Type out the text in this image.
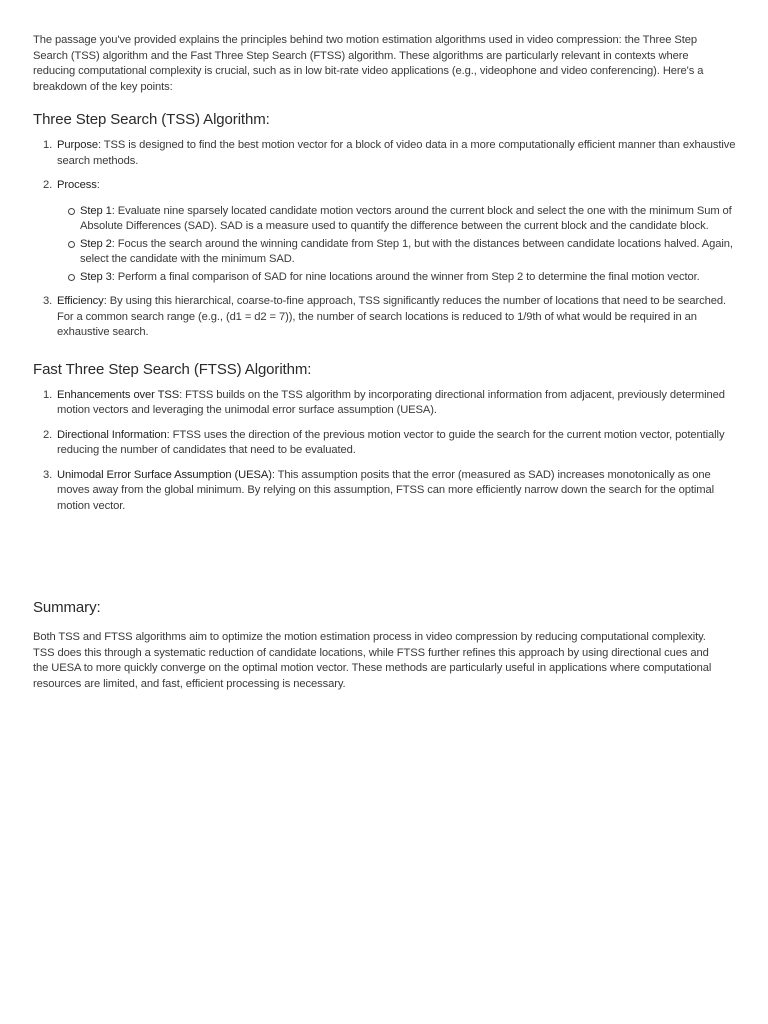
The passage you've provided explains the principles behind two motion estimation algorithms used in video compression: the Three Step Search (TSS) algorithm and the Fast Three Step Search (FTSS) algorithm. These algorithms are particularly relevant in contexts where reducing computational complexity is crucial, such as in low bit-rate video applications (e.g., videophone and video conferencing). Here's a breakdown of the key points:

Three Step Search (TSS) Algorithm:
1. Purpose: TSS is designed to find the best motion vector for a block of video data in a more computationally efficient manner than exhaustive search methods.
2. Process:
Step 1: Evaluate nine sparsely located candidate motion vectors around the current block and select the one with the minimum Sum of Absolute Differences (SAD). SAD is a measure used to quantify the difference between the current block and the candidate block.
Step 2: Focus the search around the winning candidate from Step 1, but with the distances between candidate locations halved. Again, select the candidate with the minimum SAD.
Step 3: Perform a final comparison of SAD for nine locations around the winner from Step 2 to determine the final motion vector.
3. Efficiency: By using this hierarchical, coarse-to-fine approach, TSS significantly reduces the number of locations that need to be searched. For a common search range (e.g., (d1 = d2 = 7)), the number of search locations is reduced to 1/9th of what would be required in an exhaustive search.
Fast Three Step Search (FTSS) Algorithm:
1. Enhancements over TSS: FTSS builds on the TSS algorithm by incorporating directional information from adjacent, previously determined motion vectors and leveraging the unimodal error surface assumption (UESA).
2. Directional Information: FTSS uses the direction of the previous motion vector to guide the search for the current motion vector, potentially reducing the number of candidates that need to be evaluated.
3. Unimodal Error Surface Assumption (UESA): This assumption posits that the error (measured as SAD) increases monotonically as one moves away from the global minimum. By relying on this assumption, FTSS can more efficiently narrow down the search for the optimal motion vector.
Summary:

Both TSS and FTSS algorithms aim to optimize the motion estimation process in video compression by reducing computational complexity. TSS does this through a systematic reduction of candidate locations, while FTSS further refines this approach by using directional cues and the UESA to more quickly converge on the optimal motion vector. These methods are particularly useful in applications where computational resources are limited, and fast, efficient processing is necessary.
